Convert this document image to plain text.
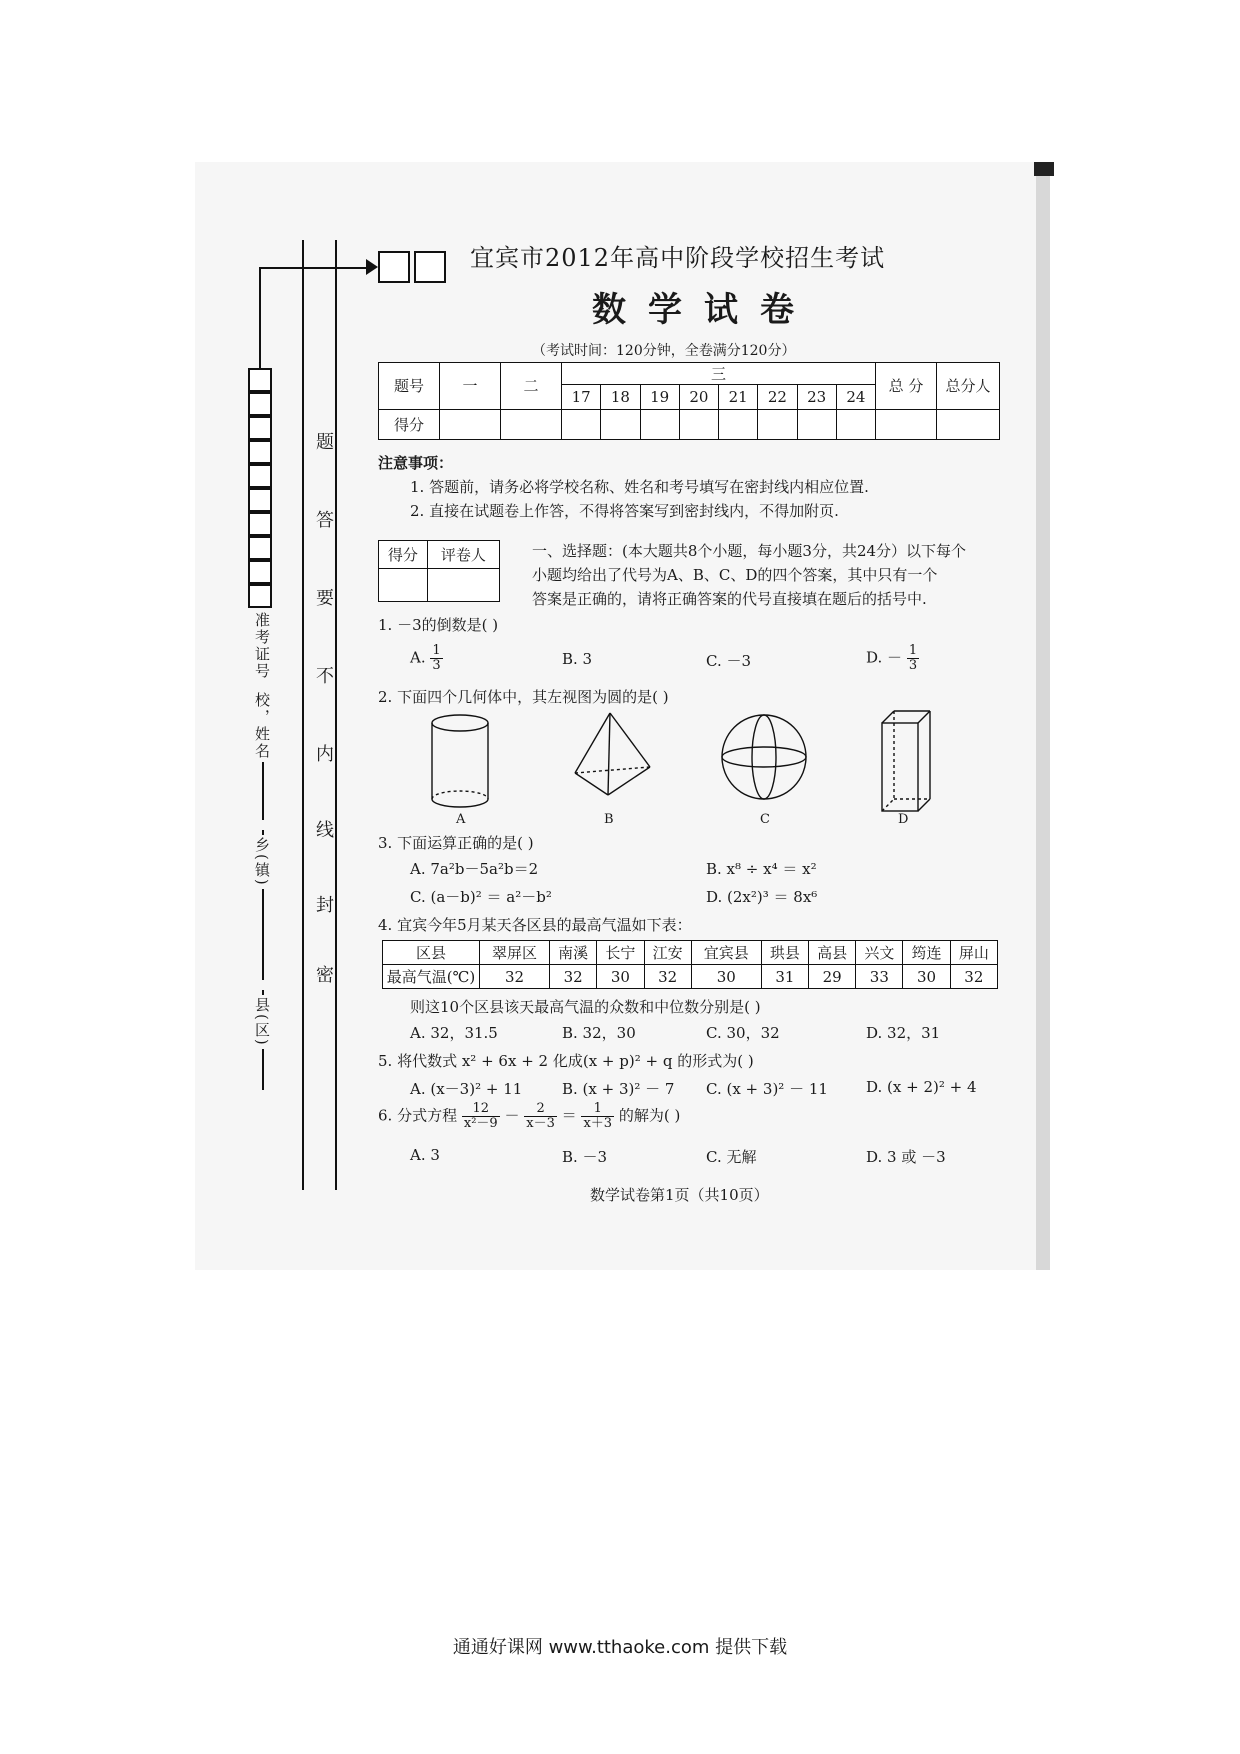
题
答
要
不
内
线
封
密
准考证号
校，姓名
乡(镇)
县(区)
宜宾市2012年高中阶段学校招生考试
数学试卷
（考试时间：120分钟，全卷满分120分）
题号	一	二	三								总 分	总分人
			17	18	19	20	21	22	23	24		
得分												
注意事项：
1. 答题前，请务必将学校名称、姓名和考号填写在密封线内相应位置.
2. 直接在试题卷上作答，不得将答案写到密封线内，不得加附页.
得分	评卷人
		一、选择题：(本大题共8个小题，每小题3分，共24分）以下每个
小题均给出了代号为A、B、C、D的四个答案，其中只有一个
答案是正确的，请将正确答案的代号直接填在题后的括号中.
1. －3的倒数是( )
A. $\frac{1}{3}$	B. 3	C. －3	D. － $\frac{1}{3}$
2. 下面四个几何体中，其左视图为圆的是( )
A	B	C	D
3. 下面运算正确的是( )
A. 7a²b－5a²b＝2	B. x⁸ ÷ x⁴ ＝ x²
C. (a－b)² ＝ a²－b²	D. (2x²)³ ＝ 8x⁶
4. 宜宾今年5月某天各区县的最高气温如下表：
区县	翠屏区	南溪	长宁	江安	宜宾县	珙县	高县	兴文	筠连	屏山
最高气温(℃)	32	32	30	32	30	31	29	33	30	32
则这10个区县该天最高气温的众数和中位数分别是( )
A. 32，31.5	B. 32，30	C. 30，32	D. 32，31
5. 将代数式 x² + 6x + 2 化成(x + p)² + q 的形式为( )
A. (x－3)² + 11	B. (x + 3)² － 7 C. (x + 3)² － 11	D. (x + 2)² + 4
6. 分式方程 $\frac{12}{\text{x²－9}} - \frac{2}{x-3} = \frac{1}{x+3}$ 的解为( )
A. 3	B. －3	C. 无解	D. 3 或 －3
数学试卷第1页（共10页）
通通好课网 www.tthaoke.com 提供下载
